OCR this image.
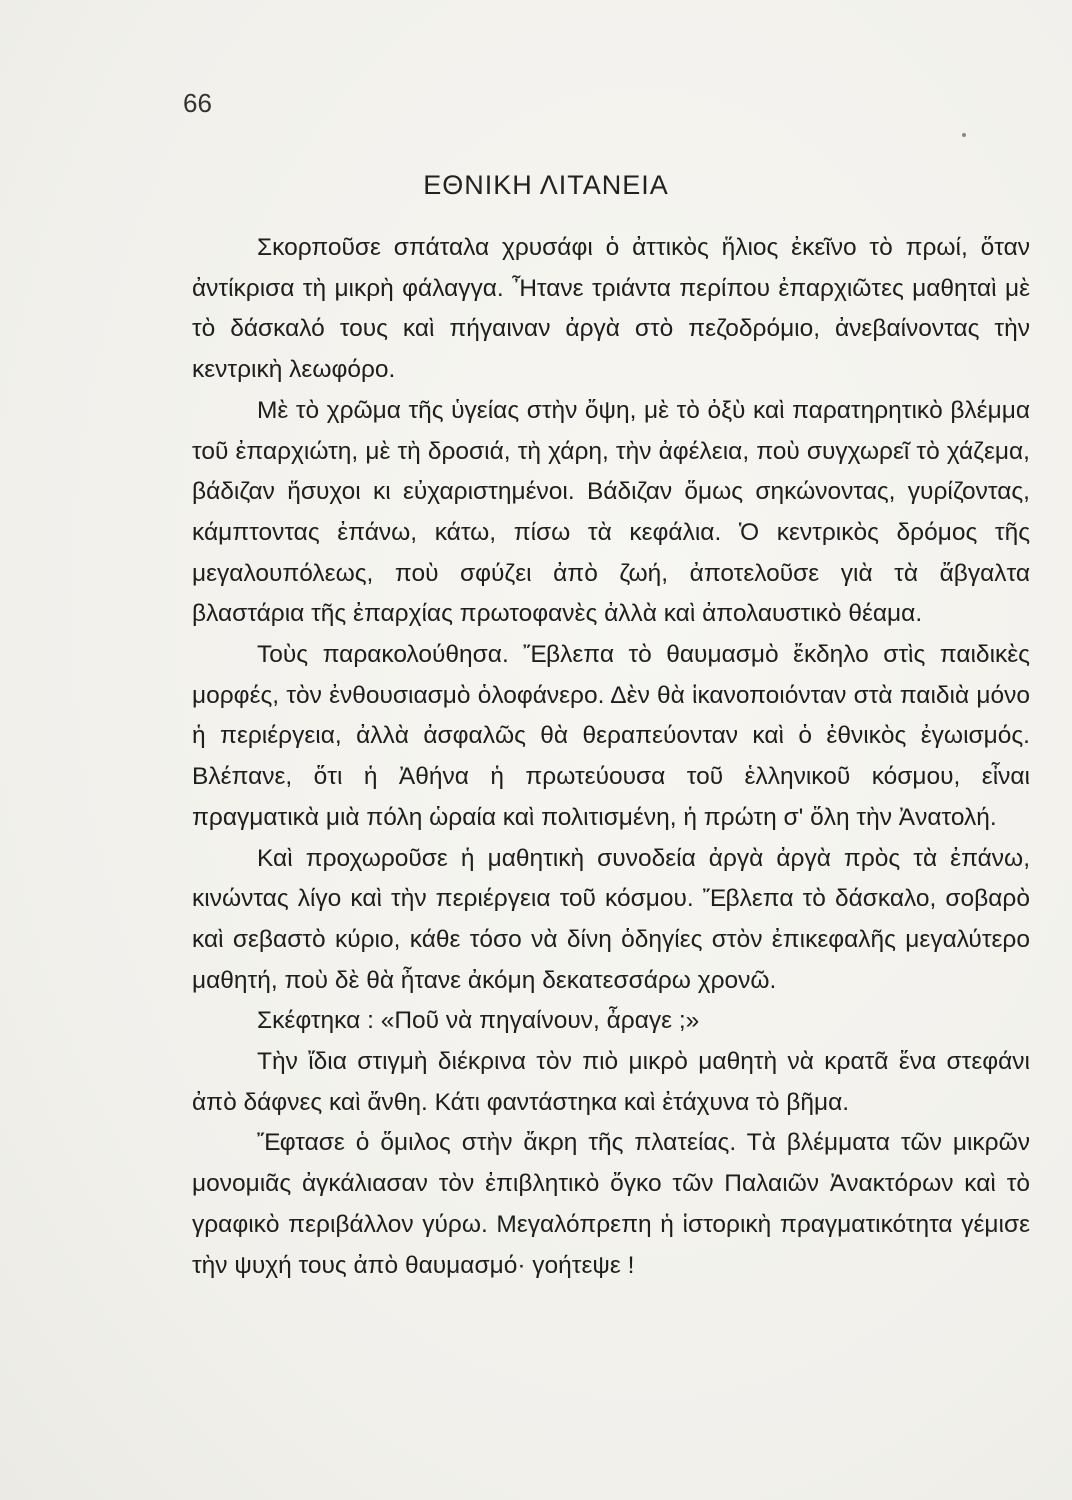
66
ΕΘΝΙΚΗ ΛΙΤΑΝΕΙΑ

Σκορποῦσε σπάταλα χρυσάφι ὁ ἀττικὸς ἥλιος ἐκεῖνο τὸ πρωί, ὅταν ἀντίκρισα τὴ μικρὴ φάλαγγα. Ἦτανε τριάντα περίπου ἐπαρχιῶτες μαθηταὶ μὲ τὸ δάσκαλό τους καὶ πήγαιναν ἀργὰ στὸ πεζοδρόμιο, ἀνεβαίνοντας τὴν κεντρικὴ λεωφόρο.

Μὲ τὸ χρῶμα τῆς ὑγείας στὴν ὄψη, μὲ τὸ ὀξὺ καὶ παρατηρητικὸ βλέμμα τοῦ ἐπαρχιώτη, μὲ τὴ δροσιά, τὴ χάρη, τὴν ἀφέλεια, ποὺ συγχωρεῖ τὸ χάζεμα, βάδιζαν ἥσυχοι κι εὐχαριστημένοι. Βάδιζαν ὅμως σηκώνοντας, γυρίζοντας, κάμπτοντας ἐπάνω, κάτω, πίσω τὰ κεφάλια. Ὁ κεντρικὸς δρόμος τῆς μεγαλουπόλεως, ποὺ σφύζει ἀπὸ ζωή, ἀποτελοῦσε γιὰ τὰ ἄβγαλτα βλαστάρια τῆς ἐπαρχίας πρωτοφανὲς ἀλλὰ καὶ ἀπολαυστικὸ θέαμα.

Τοὺς παρακολούθησα. Ἔβλεπα τὸ θαυμασμὸ ἔκδηλο στὶς παιδικὲς μορφές, τὸν ἐνθουσιασμὸ ὁλοφάνερο. Δὲν θὰ ἱκανοποιόνταν στὰ παιδιὰ μόνο ἡ περιέργεια, ἀλλὰ ἀσφαλῶς θὰ θεραπεύονταν καὶ ὁ ἐθνικὸς ἐγωισμός. Βλέπανε, ὅτι ἡ Ἀθήνα ἡ πρωτεύουσα τοῦ ἑλληνικοῦ κόσμου, εἶναι πραγματικὰ μιὰ πόλη ὡραία καὶ πολιτισμένη, ἡ πρώτη σ' ὅλη τὴν Ἀνατολή.

Καὶ προχωροῦσε ἡ μαθητικὴ συνοδεία ἀργὰ ἀργὰ πρὸς τὰ ἐπάνω, κινώντας λίγο καὶ τὴν περιέργεια τοῦ κόσμου. Ἔβλεπα τὸ δάσκαλο, σοβαρὸ καὶ σεβαστὸ κύριο, κάθε τόσο νὰ δίνη ὁδηγίες στὸν ἐπικεφαλῆς μεγαλύτερο μαθητή, ποὺ δὲ θὰ ἦτανε ἀκόμη δεκατεσσάρω χρονῶ.

Σκέφτηκα : «Ποῦ νὰ πηγαίνουν, ἆραγε ;»

Τὴν ἴδια στιγμὴ διέκρινα τὸν πιὸ μικρὸ μαθητὴ νὰ κρατᾶ ἕνα στεφάνι ἀπὸ δάφνες καὶ ἄνθη. Κάτι φαντάστηκα καὶ ἐτάχυνα τὸ βῆμα.

Ἔφτασε ὁ ὅμιλος στὴν ἄκρη τῆς πλατείας. Τὰ βλέμματα τῶν μικρῶν μονομιᾶς ἀγκάλιασαν τὸν ἐπιβλητικὸ ὄγκο τῶν Παλαιῶν Ἀνακτόρων καὶ τὸ γραφικὸ περιβάλλον γύρω. Μεγαλόπρεπη ἡ ἱστορικὴ πραγματικότητα γέμισε τὴν ψυχή τους ἀπὸ θαυμασμό· γοήτεψε !
